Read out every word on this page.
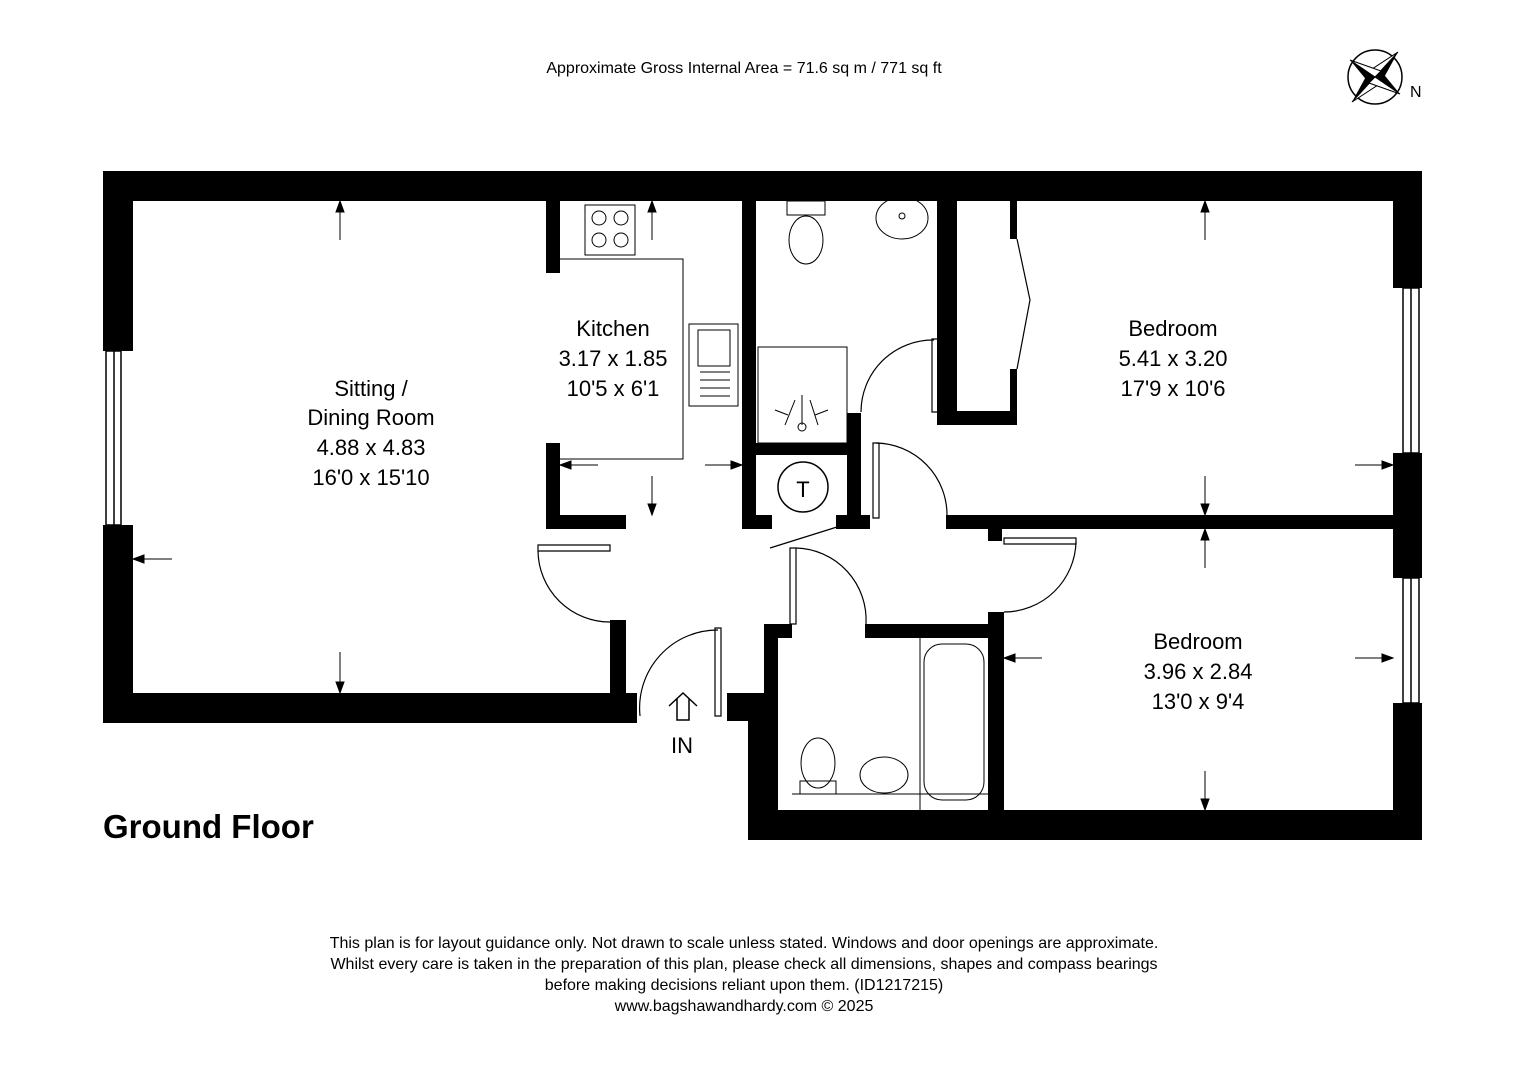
Approximate Gross Internal Area = 71.6 sq m / 771 sq ft
N
T
Sitting /
Dining Room
4.88 x 4.83
16'0 x 15'10
Kitchen
3.17 x 1.85
10'5 x 6'1
Bedroom
5.41 x 3.20
17'9 x 10'6
Bedroom
3.96 x 2.84
13'0 x 9'4
IN
Ground Floor
This plan is for layout guidance only. Not drawn to scale unless stated. Windows and door openings are approximate.
Whilst every care is taken in the preparation of this plan, please check all dimensions, shapes and compass bearings
before making decisions reliant upon them. (ID1217215)
www.bagshawandhardy.com © 2025
